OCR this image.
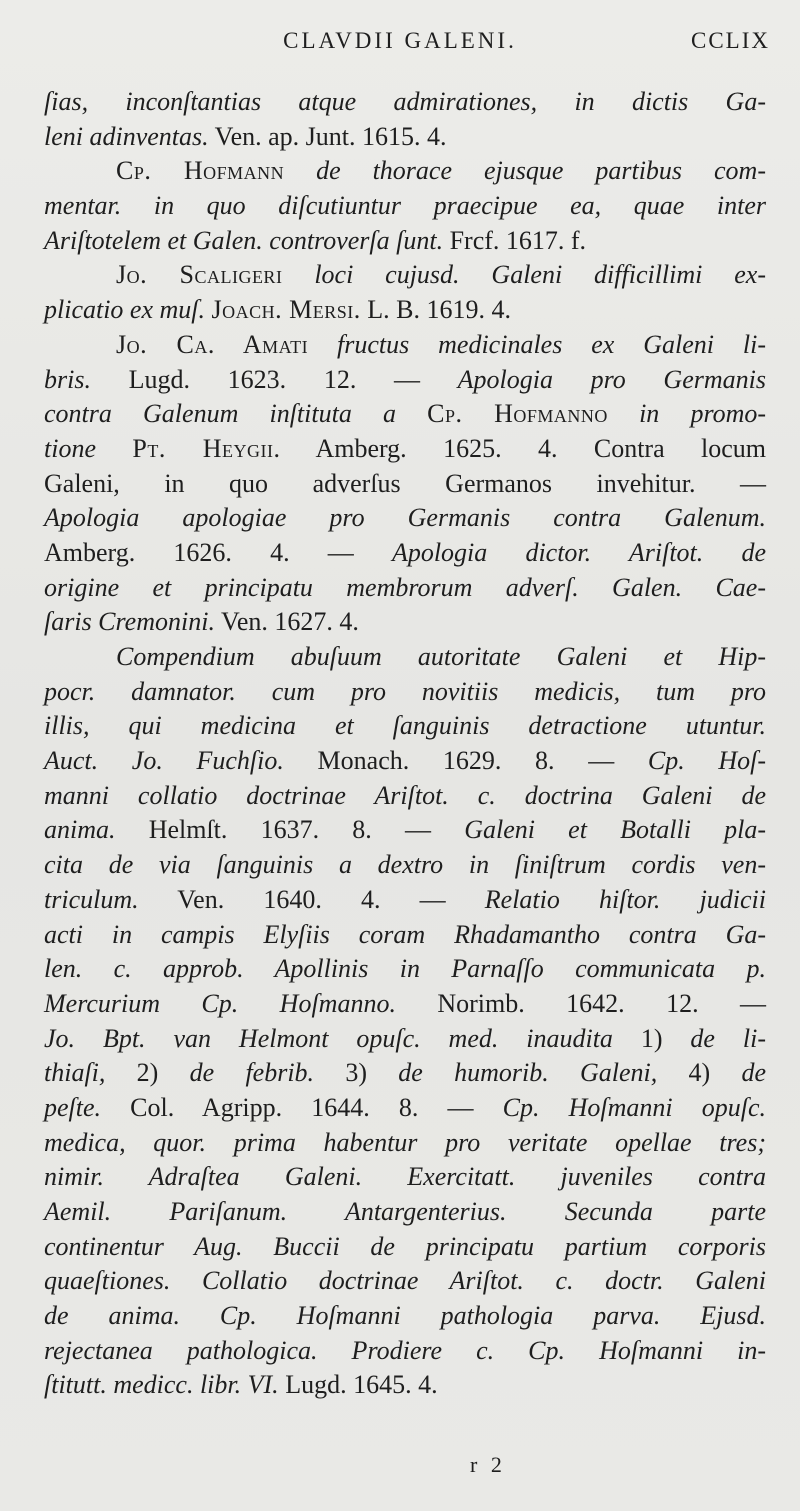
CLAVDII GALENI.	CCLIX
ſias, inconſtantias atque admirationes, in dictis Ga-
leni adinventas. Ven. ap. Junt. 1615. 4.
Cp. Hofmann de thorace ejusque partibus com-
mentar. in quo diſcutiuntur praecipue ea, quae inter
Ariſtotelem et Galen. controverſa ſunt. Frcf. 1617. f.
Jo. Scaligeri loci cujusd. Galeni difficillimi ex-
plicatio ex muſ. Joach. Mersi. L. B. 1619. 4.
Jo. Ca. Amati fructus medicinales ex Galeni li-
bris. Lugd. 1623. 12. — Apologia pro Germanis
contra Galenum inſtituta a Cp. Hofmanno in promo-
tione Pt. Heygii. Amberg. 1625. 4. Contra locum
Galeni, in quo adverſus Germanos invehitur. —
Apologia apologiae pro Germanis contra Galenum.
Amberg. 1626. 4. — Apologia dictor. Ariſtot. de
origine et principatu membrorum adverſ. Galen. Cae-
ſaris Cremonini. Ven. 1627. 4.
Compendium abuſuum autoritate Galeni et Hip-
pocr. damnator. cum pro novitiis medicis, tum pro
illis, qui medicina et ſanguinis detractione utuntur.
Auct. Jo. Fuchſio. Monach. 1629. 8. — Cp. Hoſ-
manni collatio doctrinae Ariſtot. c. doctrina Galeni de
anima. Helmſt. 1637. 8. — Galeni et Botalli pla-
cita de via ſanguinis a dextro in ſiniſtrum cordis ven-
triculum. Ven. 1640. 4. — Relatio hiſtor. judicii
acti in campis Elyſiis coram Rhadamantho contra Ga-
len. c. approb. Apollinis in Parnaſſo communicata p.
Mercurium Cp. Hoſmanno. Norimb. 1642. 12. —
Jo. Bpt. van Helmont opuſc. med. inaudita 1) de li-
thiaſi, 2) de febrib. 3) de humorib. Galeni, 4) de
peſte. Col. Agripp. 1644. 8. — Cp. Hoſmanni opuſc.
medica, quor. prima habentur pro veritate opellae tres;
nimir. Adraſtea Galeni. Exercitatt. juveniles contra
Aemil. Pariſanum. Antargenterius. Secunda parte
continentur Aug. Buccii de principatu partium corporis
quaeſtiones. Collatio doctrinae Ariſtot. c. doctr. Galeni
de anima. Cp. Hoſmanni pathologia parva. Ejusd.
rejectanea pathologica. Prodiere c. Cp. Hoſmanni in-
ſtitutt. medicc. libr. VI. Lugd. 1645. 4.
r 2
